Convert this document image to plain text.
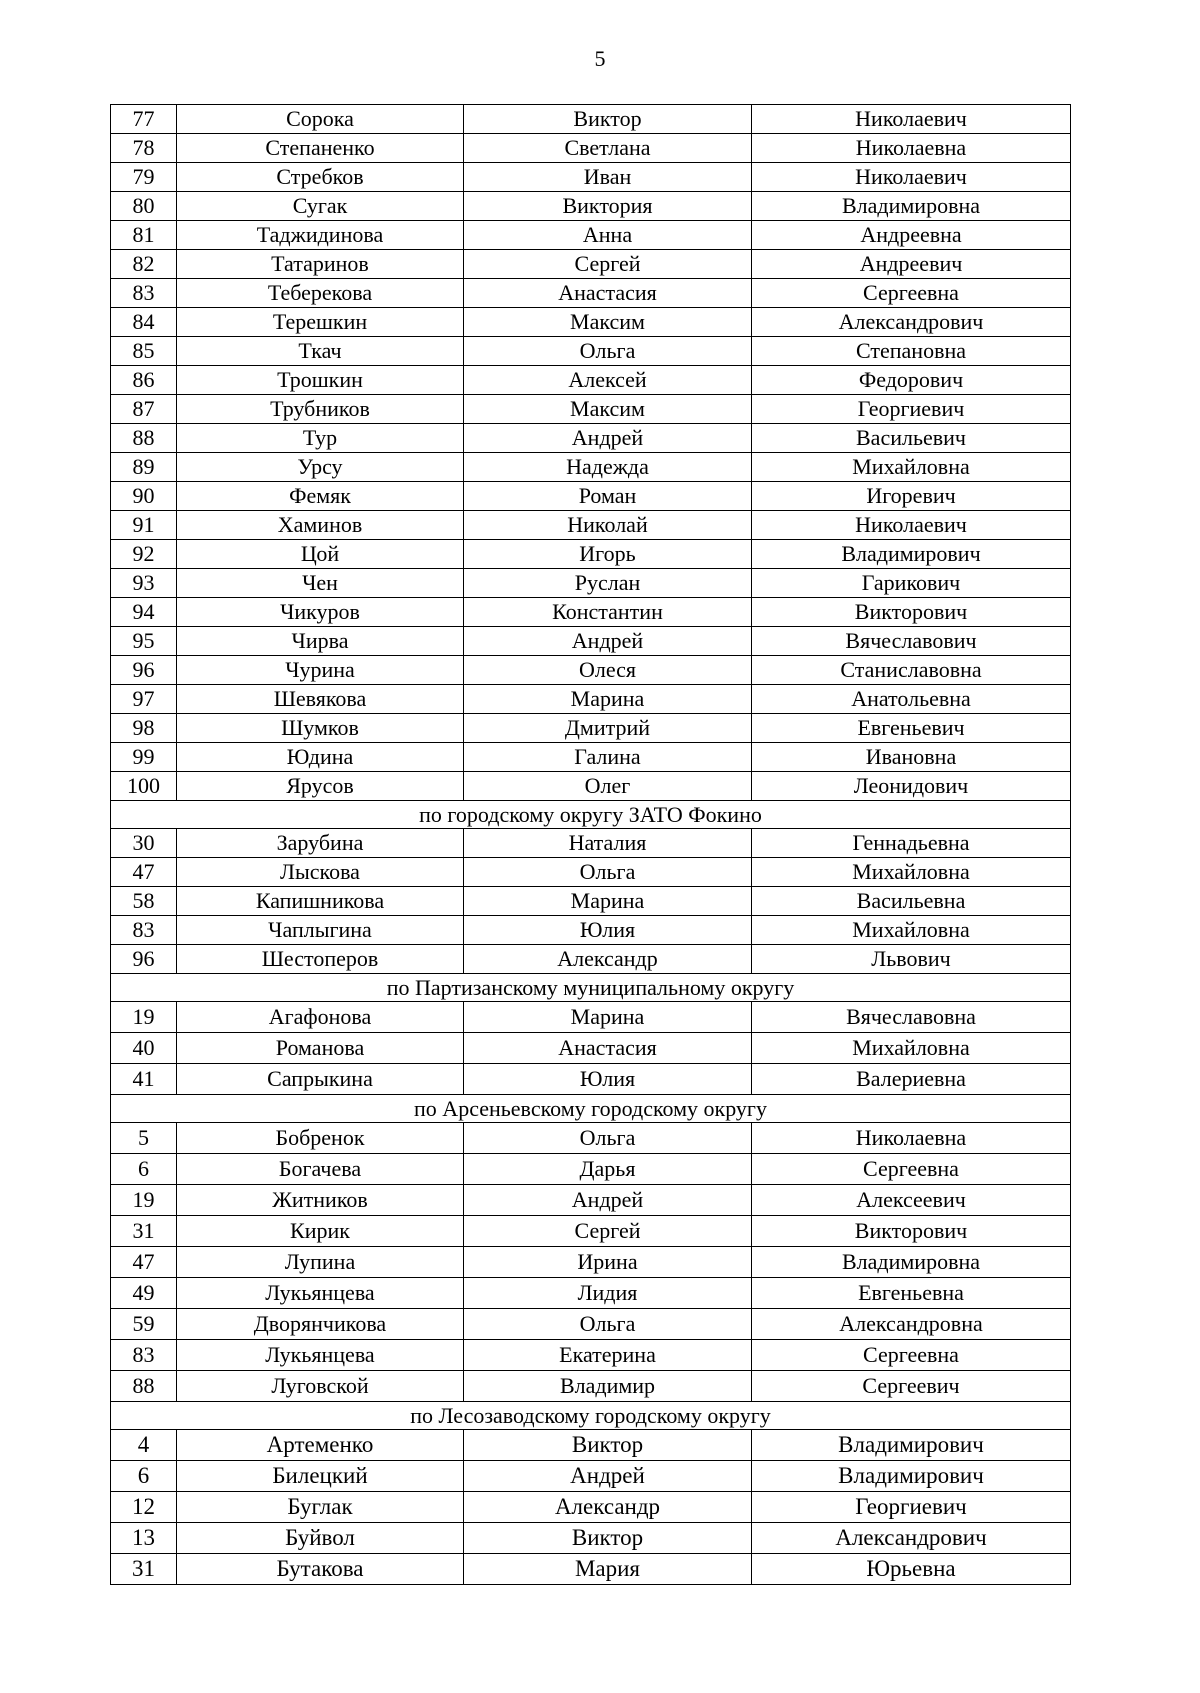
5
77	Сорока	Виктор	Николаевич
78	Степаненко	Светлана	Николаевна
79	Стребков	Иван	Николаевич
80	Сугак	Виктория	Владимировна
81	Таджидинова	Анна	Андреевна
82	Татаринов	Сергей	Андреевич
83	Теберекова	Анастасия	Сергеевна
84	Терешкин	Максим	Александрович
85	Ткач	Ольга	Степановна
86	Трошкин	Алексей	Федорович
87	Трубников	Максим	Георгиевич
88	Тур	Андрей	Васильевич
89	Урсу	Надежда	Михайловна
90	Фемяк	Роман	Игоревич
91	Хаминов	Николай	Николаевич
92	Цой	Игорь	Владимирович
93	Чен	Руслан	Гарикович
94	Чикуров	Константин	Викторович
95	Чирва	Андрей	Вячеславович
96	Чурина	Олеся	Станиславовна
97	Шевякова	Марина	Анатольевна
98	Шумков	Дмитрий	Евгеньевич
99	Юдина	Галина	Ивановна
100	Ярусов	Олег	Леонидович
по городскому округу ЗАТО Фокино			
30	Зарубина	Наталия	Геннадьевна
47	Лыскова	Ольга	Михайловна
58	Капишникова	Марина	Васильевна
83	Чаплыгина	Юлия	Михайловна
96	Шестоперов	Александр	Львович
по Партизанскому муниципальному округу			
19	Агафонова	Марина	Вячеславовна
40	Романова	Анастасия	Михайловна
41	Сапрыкина	Юлия	Валериевна
по Арсеньевскому городскому округу			
5	Бобренок	Ольга	Николаевна
6	Богачева	Дарья	Сергеевна
19	Житников	Андрей	Алексеевич
31	Кирик	Сергей	Викторович
47	Лупина	Ирина	Владимировна
49	Лукьянцева	Лидия	Евгеньевна
59	Дворянчикова	Ольга	Александровна
83	Лукьянцева	Екатерина	Сергеевна
88	Луговской	Владимир	Сергеевич
по Лесозаводскому городскому округу			
4	Артеменко	Виктор	Владимирович
6	Билецкий	Андрей	Владимирович
12	Буглак	Александр	Георгиевич
13	Буйвол	Виктор	Александрович
31	Бутакова	Мария	Юрьевна
